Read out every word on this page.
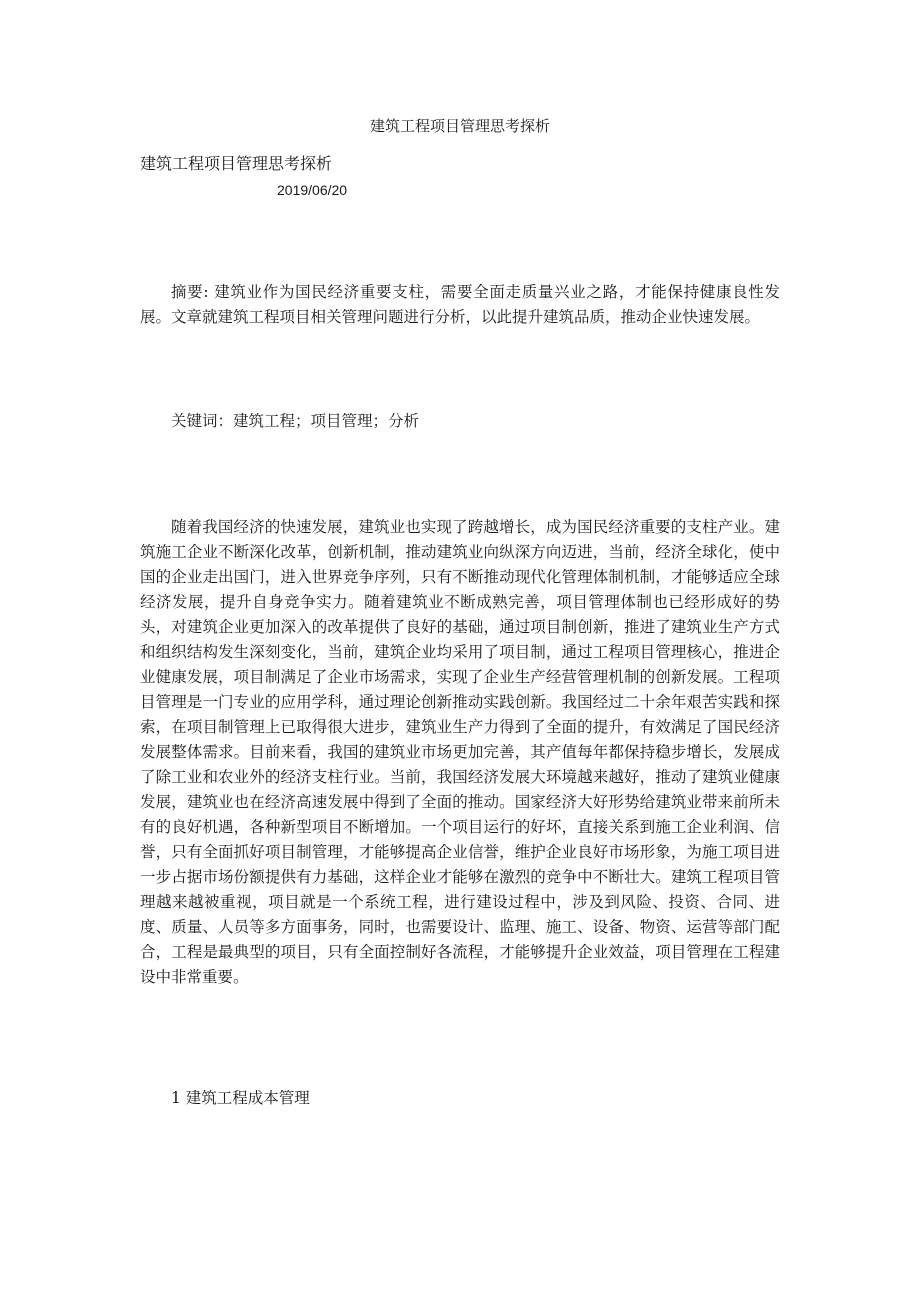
建筑工程项目管理思考探析
建筑工程项目管理思考探析
2019/06/20

摘要: 建筑业作为国民经济重要支柱，需要全面走质量兴业之路，才能保持健康良性发展。文章就建筑工程项目相关管理问题进行分析，以此提升建筑品质，推动企业快速发展。

关键词：建筑工程；项目管理；分析

随着我国经济的快速发展，建筑业也实现了跨越增长，成为国民经济重要的支柱产业。建筑施工企业不断深化改革，创新机制，推动建筑业向纵深方向迈进，当前，经济全球化，使中国的企业走出国门，进入世界竞争序列，只有不断推动现代化管理体制机制，才能够适应全球经济发展，提升自身竞争实力。随着建筑业不断成熟完善，项目管理体制也已经形成好的势头，对建筑企业更加深入的改革提供了良好的基础，通过项目制创新，推进了建筑业生产方式和组织结构发生深刻变化，当前，建筑企业均采用了项目制，通过工程项目管理核心，推进企业健康发展，项目制满足了企业市场需求，实现了企业生产经营管理机制的创新发展。工程项目管理是一门专业的应用学科，通过理论创新推动实践创新。我国经过二十余年艰苦实践和探索，在项目制管理上已取得很大进步，建筑业生产力得到了全面的提升，有效满足了国民经济发展整体需求。目前来看，我国的建筑业市场更加完善，其产值每年都保持稳步增长，发展成了除工业和农业外的经济支柱行业。当前，我国经济发展大环境越来越好，推动了建筑业健康发展，建筑业也在经济高速发展中得到了全面的推动。国家经济大好形势给建筑业带来前所未有的良好机遇，各种新型项目不断增加。一个项目运行的好坏，直接关系到施工企业利润、信誉，只有全面抓好项目制管理，才能够提高企业信誉，维护企业良好市场形象，为施工项目进一步占据市场份额提供有力基础，这样企业才能够在激烈的竞争中不断壮大。建筑工程项目管理越来越被重视，项目就是一个系统工程，进行建设过程中，涉及到风险、投资、合同、进度、质量、人员等多方面事务，同时，也需要设计、监理、施工、设备、物资、运营等部门配合，工程是最典型的项目，只有全面控制好各流程，才能够提升企业效益，项目管理在工程建设中非常重要。

1 建筑工程成本管理
